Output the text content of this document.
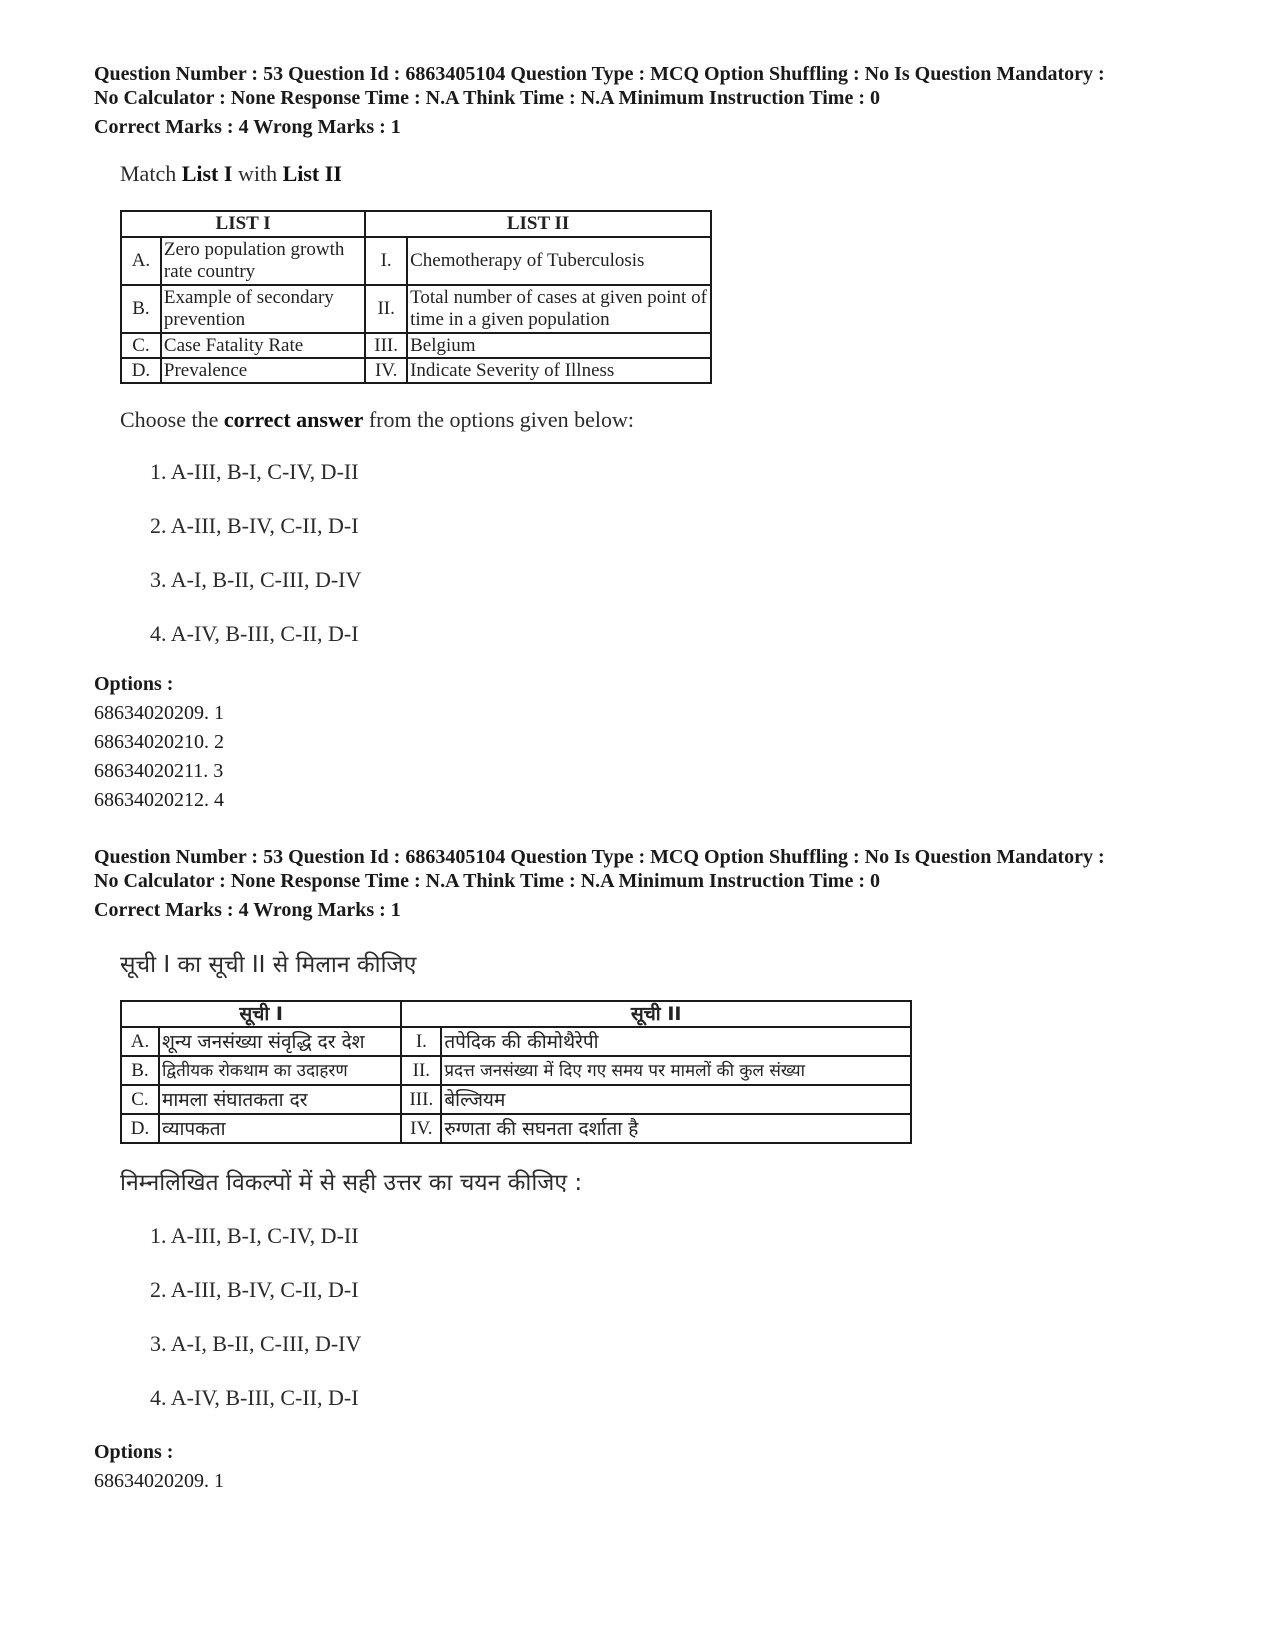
Question Number : 53 Question Id : 6863405104 Question Type : MCQ Option Shuffling : No Is Question Mandatory :

No Calculator : None Response Time : N.A Think Time : N.A Minimum Instruction Time : 0

Correct Marks : 4 Wrong Marks : 1

Match List I with List II

LIST I		LIST II	
A.	Zero population growth rate country	I.	Chemotherapy of Tuberculosis
B.	Example of secondary prevention	II.	Total number of cases at given point of time in a given population
C.	Case Fatality Rate	III.	Belgium
D.	Prevalence	IV.	Indicate Severity of Illness

Choose the correct answer from the options given below:

1. A-III, B-I, C-IV, D-II
2. A-III, B-IV, C-II, D-I
3. A-I, B-II, C-III, D-IV
4. A-IV, B-III, C-II, D-I
Options :
68634020209. 1
68634020210. 2
68634020211. 3
68634020212. 4

Question Number : 53 Question Id : 6863405104 Question Type : MCQ Option Shuffling : No Is Question Mandatory :

No Calculator : None Response Time : N.A Think Time : N.A Minimum Instruction Time : 0

Correct Marks : 4 Wrong Marks : 1

सूची I का सूची II से मिलान कीजिए

सूची I		सूची II	
A.	शून्य जनसंख्या संवृद्धि दर देश	I.	तपेदिक की कीमोथैरेपी
B.	द्वितीयक रोकथाम का उदाहरण	II.	प्रदत्त जनसंख्या में दिए गए समय पर मामलों की कुल संख्या
C.	मामला संघातकता दर	III.	बेल्जियम
D.	व्यापकता	IV.	रुग्णता की सघनता दर्शाता है

निम्नलिखित विकल्पों में से सही उत्तर का चयन कीजिए :

1. A-III, B-I, C-IV, D-II
2. A-III, B-IV, C-II, D-I
3. A-I, B-II, C-III, D-IV
4. A-IV, B-III, C-II, D-I
Options :
68634020209. 1
